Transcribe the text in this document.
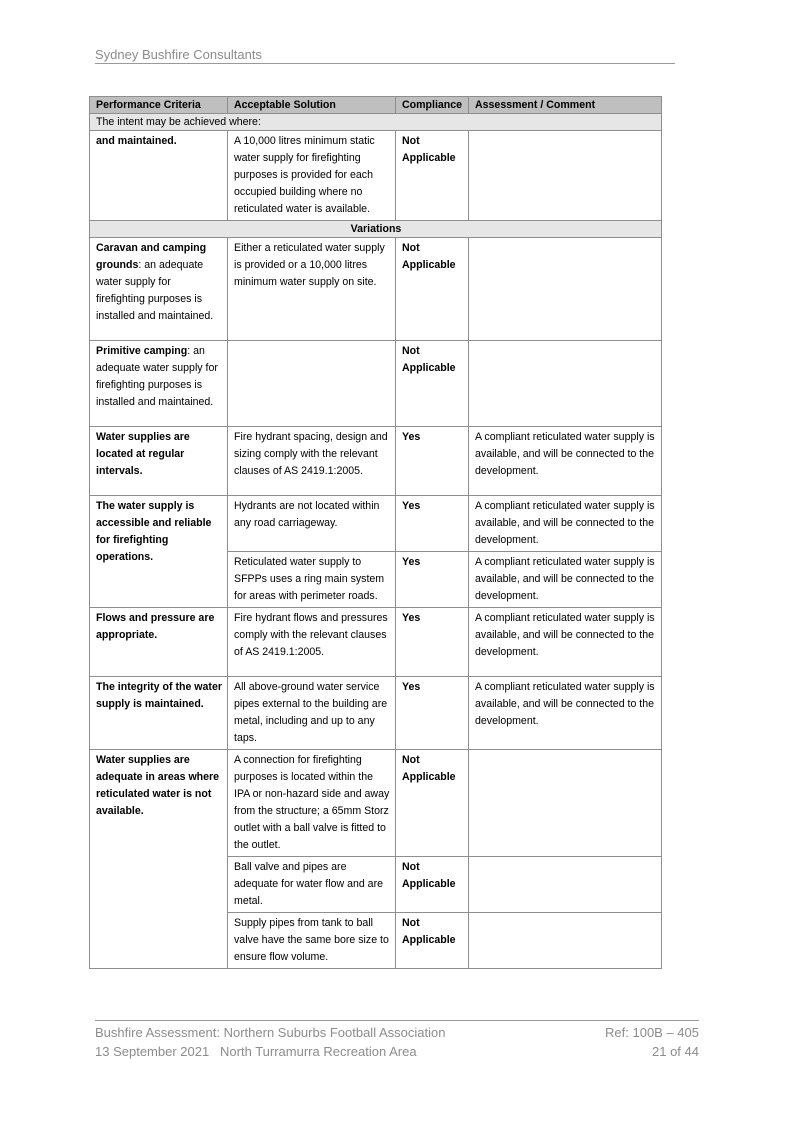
Sydney Bushfire Consultants
Performance Criteria	Acceptable Solution	Compliance	Assessment / Comment
The intent may be achieved where:			
and maintained.	A 10,000 litres minimum static water supply for firefighting purposes is provided for each occupied building where no reticulated water is available.	Not Applicable	
Variations			
Caravan and camping grounds: an adequate water supply for firefighting purposes is installed and maintained.	Either a reticulated water supply is provided or a 10,000 litres minimum water supply on site.	Not Applicable	
Primitive camping: an adequate water supply for firefighting purposes is installed and maintained.		Not Applicable	
Water supplies are located at regular intervals.	Fire hydrant spacing, design and sizing comply with the relevant clauses of AS 2419.1:2005.	Yes	A compliant reticulated water supply is available, and will be connected to the development.
The water supply is accessible and reliable for firefighting operations.	Hydrants are not located within any road carriageway.	Yes	A compliant reticulated water supply is available, and will be connected to the development.
	Reticulated water supply to SFPPs uses a ring main system for areas with perimeter roads.	Yes	A compliant reticulated water supply is available, and will be connected to the development.
Flows and pressure are appropriate.	Fire hydrant flows and pressures comply with the relevant clauses of AS 2419.1:2005.	Yes	A compliant reticulated water supply is available, and will be connected to the development.
The integrity of the water supply is maintained.	All above-ground water service pipes external to the building are metal, including and up to any taps.	Yes	A compliant reticulated water supply is available, and will be connected to the development.
Water supplies are adequate in areas where reticulated water is not available.	A connection for firefighting purposes is located within the IPA or non-hazard side and away from the structure; a 65mm Storz outlet with a ball valve is fitted to the outlet.	Not Applicable	
	Ball valve and pipes are adequate for water flow and are metal.	Not Applicable	
	Supply pipes from tank to ball valve have the same bore size to ensure flow volume.	Not Applicable	
Bushfire Assessment: Northern Suburbs Football Association
13 September 2021   North Turramurra Recreation Area
Ref: 100B – 405
21 of 44
